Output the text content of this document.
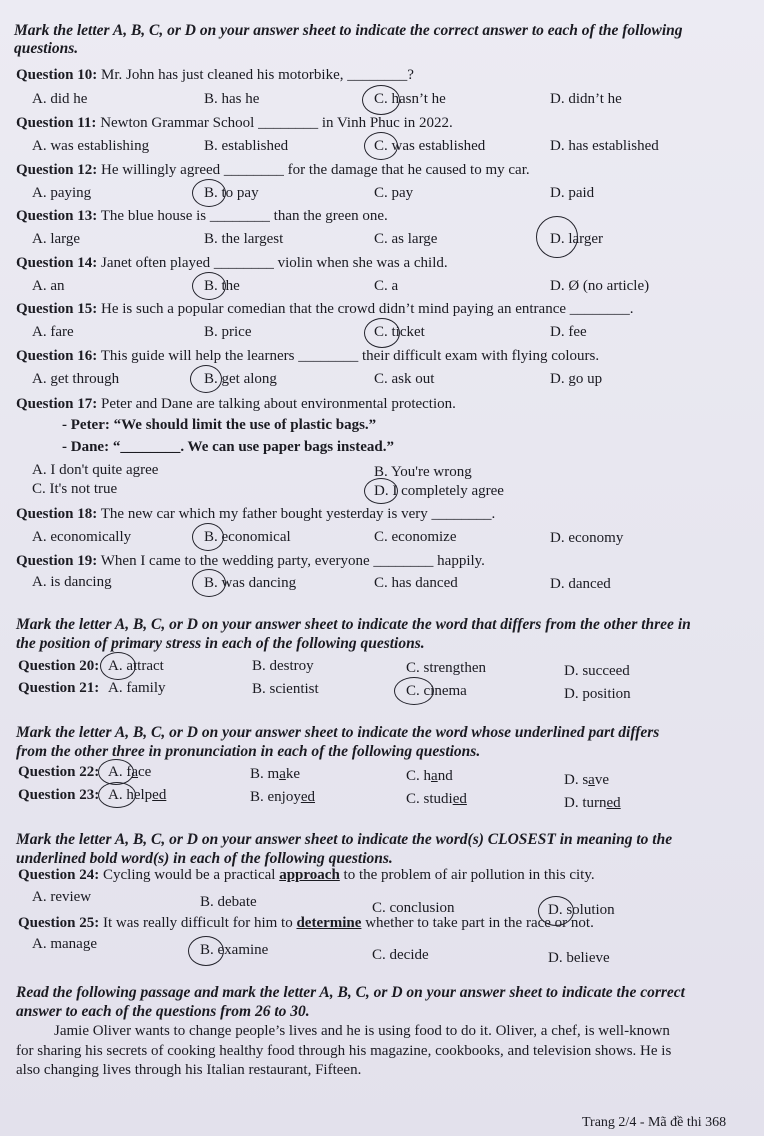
Mark the letter A, B, C, or D on your answer sheet to indicate the correct answer to each of the following
questions.
Question 10: Mr. John has just cleaned his motorbike, ________?
A. did he	B. has he	C. hasn’t he	D. didn’t he
Question 11: Newton Grammar School ________ in Vinh Phuc in 2022.
A. was establishing	B. established	C. was established	D. has established
Question 12: He willingly agreed ________ for the damage that he caused to my car.
A. paying	B. to pay	C. pay	D. paid
Question 13: The blue house is ________ than the green one.
A. large	B. the largest	C. as large	D. larger
Question 14: Janet often played ________ violin when she was a child.
A. an	B. the	C. a	D. Ø (no article)
Question 15: He is such a popular comedian that the crowd didn’t mind paying an entrance ________.
A. fare	B. price	C. ticket	D. fee
Question 16: This guide will help the learners ________ their difficult exam with flying colours.
A. get through	B. get along	C. ask out	D. go up
Question 17: Peter and Dane are talking about environmental protection.
- Peter: “We should limit the use of plastic bags.”
- Dane: “________. We can use paper bags instead.”
A. I don't quite agree	B. You're wrong
C. It's not true	D. I completely agree
Question 18: The new car which my father bought yesterday is very ________.
A. economically	B. economical	C. economize	D. economy
Question 19: When I came to the wedding party, everyone ________ happily.
A. is dancing	B. was dancing	C. has danced	D. danced
Mark the letter A, B, C, or D on your answer sheet to indicate the word that differs from the other three in
the position of primary stress in each of the following questions.
Question 20: A. attract	B. destroy	C. strengthen	D. succeed
Question 21: A. family	B. scientist	C. cinema	D. position
Mark the letter A, B, C, or D on your answer sheet to indicate the word whose underlined part differs
from the other three in pronunciation in each of the following questions.
Question 22: A. face	B. make	C. hand	D. save
Question 23: A. helped	B. enjoyed	C. studied	D. turned
Mark the letter A, B, C, or D on your answer sheet to indicate the word(s) CLOSEST in meaning to the
underlined bold word(s) in each of the following questions.
Question 24: Cycling would be a practical approach to the problem of air pollution in this city.
A. review	B. debate	C. conclusion	D. solution
Question 25: It was really difficult for him to determine whether to take part in the race or not.
A. manage	B. examine	C. decide	D. believe
Read the following passage and mark the letter A, B, C, or D on your answer sheet to indicate the correct
answer to each of the questions from 26 to 30.
Jamie Oliver wants to change people’s lives and he is using food to do it. Oliver, a chef, is well-known
for sharing his secrets of cooking healthy food through his magazine, cookbooks, and television shows. He is
also changing lives through his Italian restaurant, Fifteen.
Trang 2/4 - Mã đề thi 368
